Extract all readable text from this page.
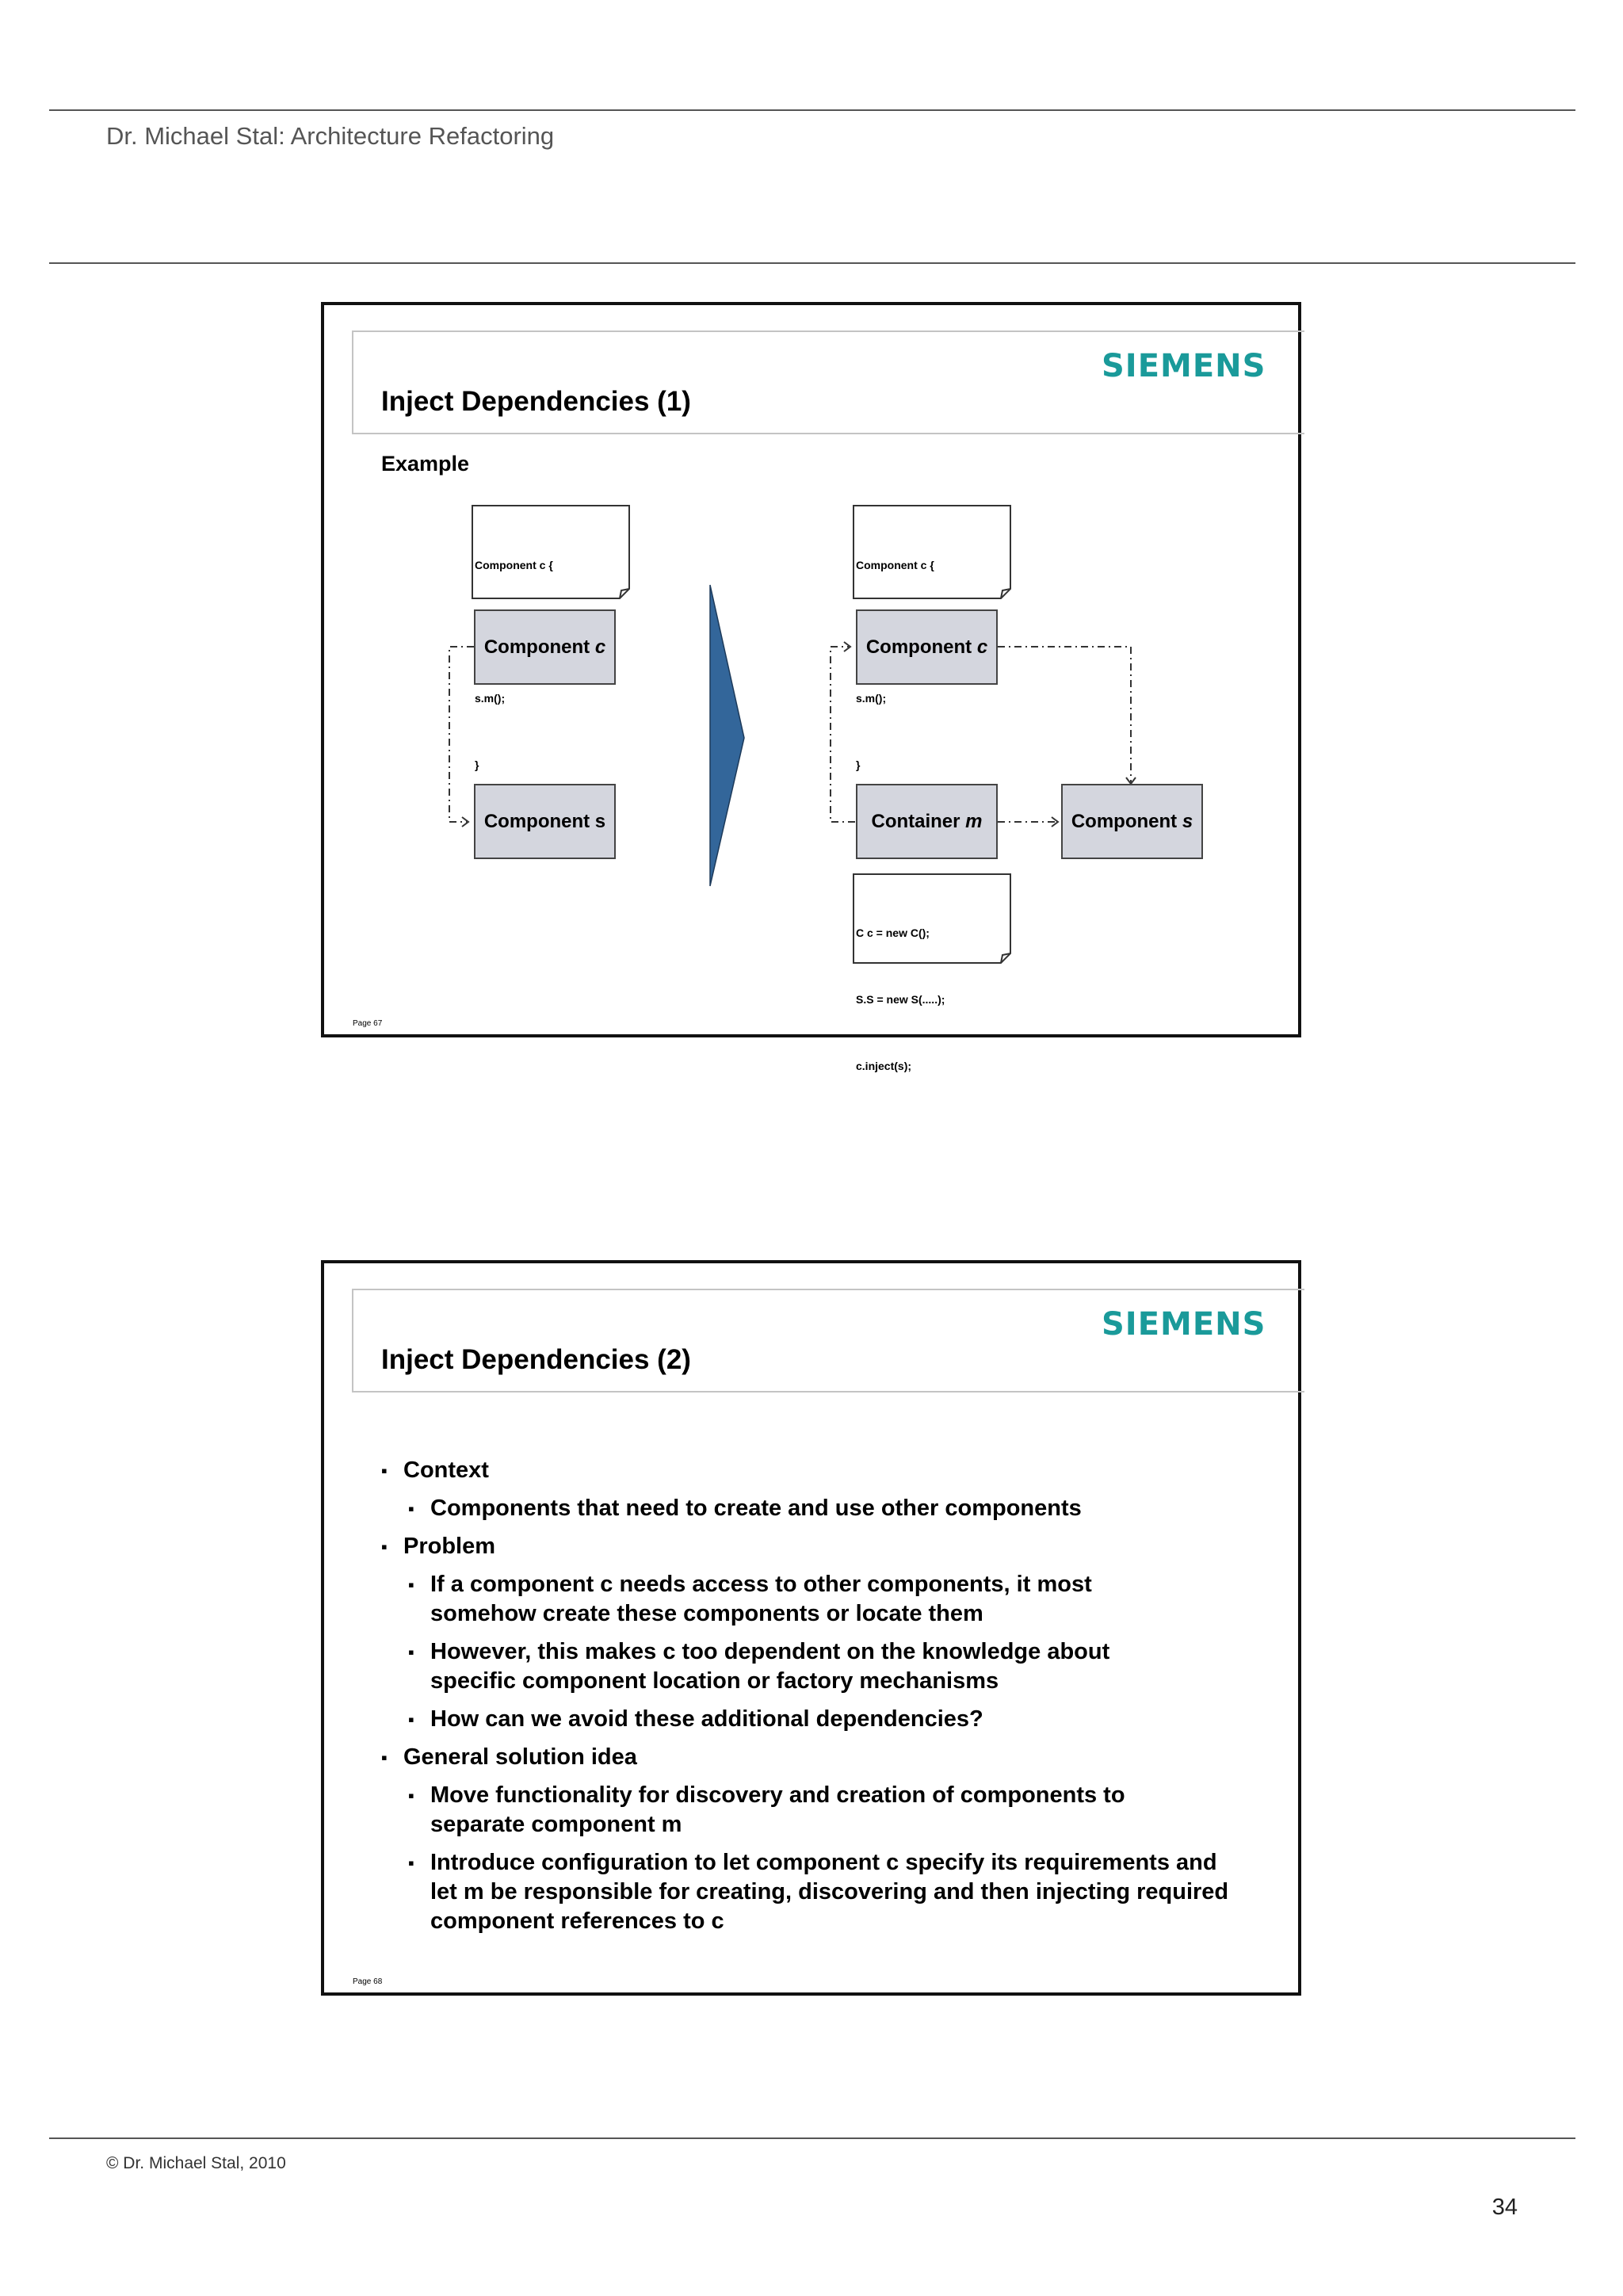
Dr. Michael Stal: Architecture Refactoring
SIEMENS
Inject Dependencies (1)
Example

Component c {

s.m();

}

Component c {

s.m();

}

C c = new C();

S.S = new S(.....);

c.inject(s);

Component
c
Component s
Component
c
Container
m	Component
s
Page 67
SIEMENS
Inject Dependencies (2)
▪ Context
▪ Components that need to create and use other components
▪ Problem
▪ If a component c needs access to other components, it most somehow create these components or locate them
▪ However, this makes c too dependent on the knowledge about specific component location or factory mechanisms
▪ How can we avoid these additional dependencies?
▪ General solution idea
▪ Move functionality for discovery and creation of components to separate component m
▪ Introduce configuration to let component c specify its requirements and let m be responsible for creating, discovering and then injecting required component references to c
Page 68
© Dr. Michael Stal, 2010
34
